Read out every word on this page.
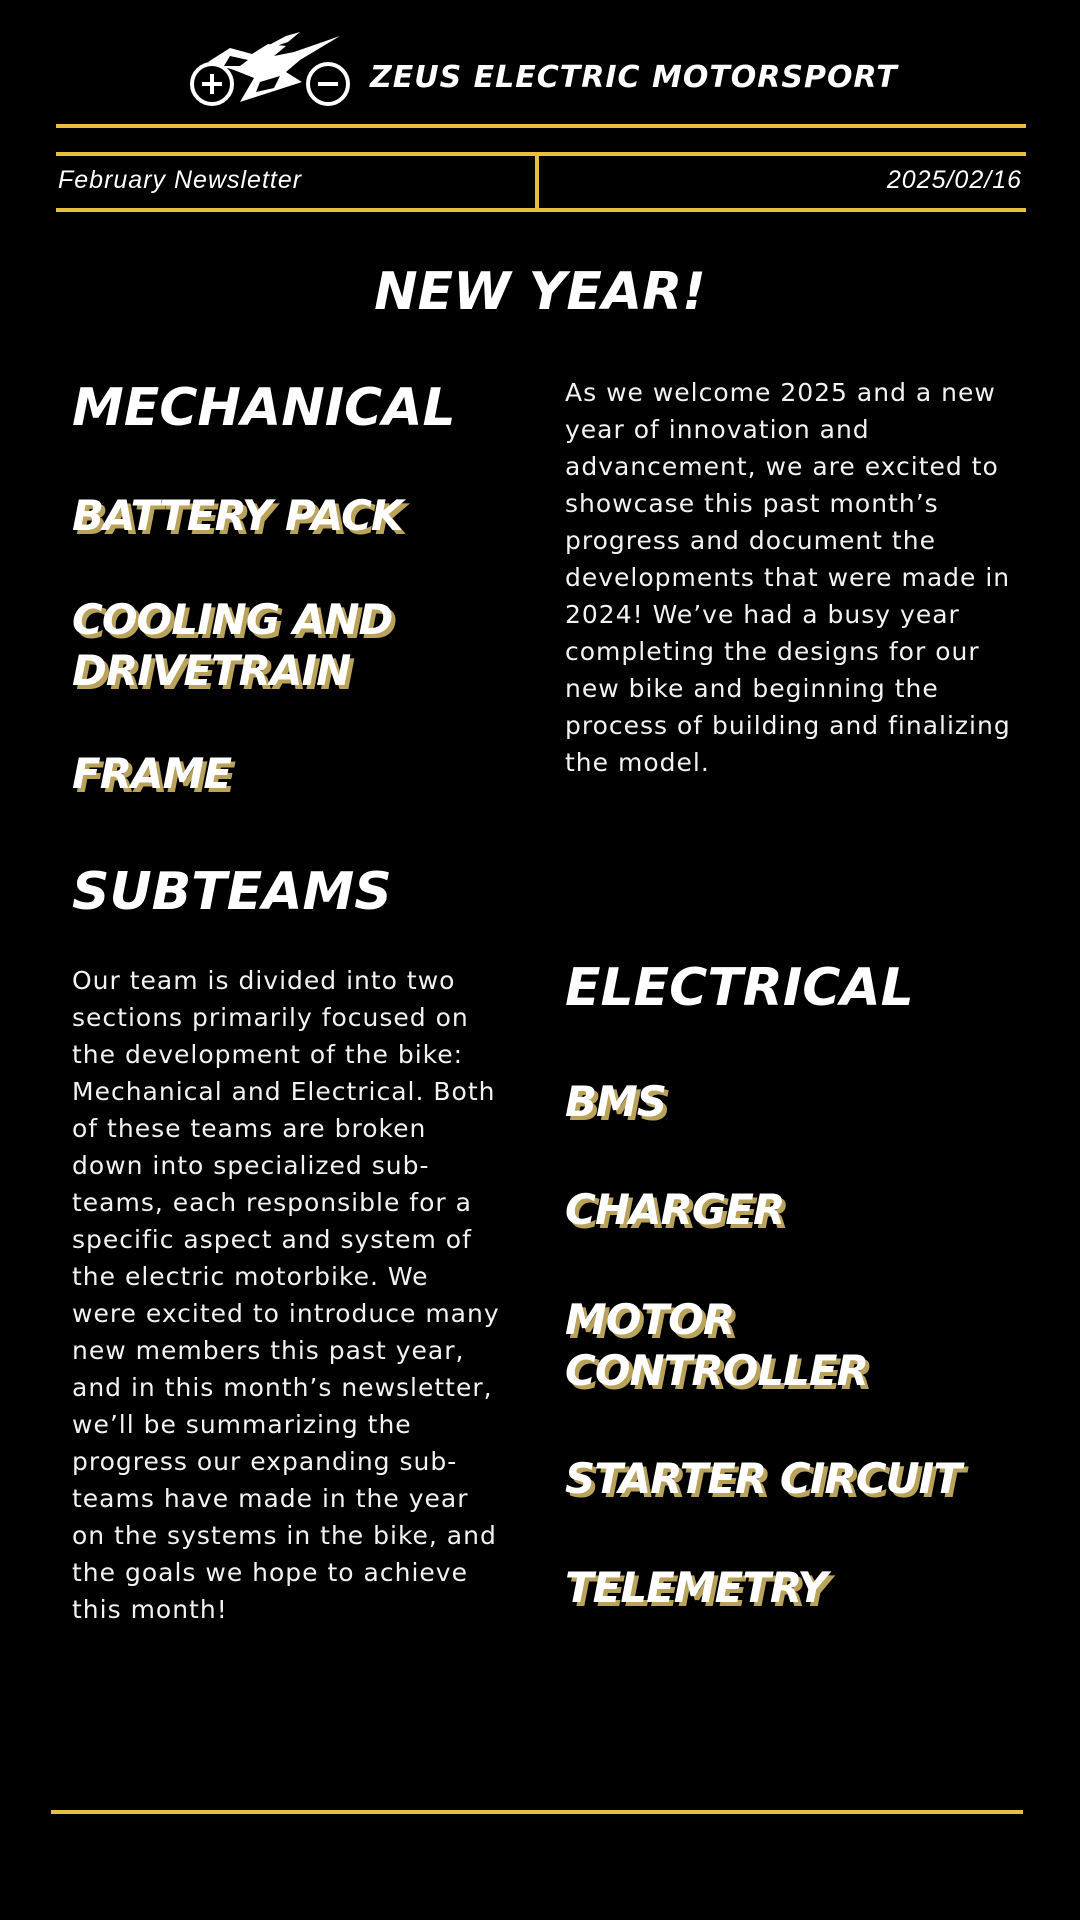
ZEUS ELECTRIC MOTORSPORT
February Newsletter	2025/02/16
NEW YEAR!
MECHANICAL
BATTERY PACK
COOLING AND DRIVETRAIN
FRAME
As we welcome 2025 and a new year of innovation and advancement, we are excited to showcase this past month’s progress and document the developments that were made in 2024! We’ve had a busy year completing the designs for our new bike and beginning the process of building and finalizing the model.
SUBTEAMS
Our team is divided into two sections primarily focused on the development of the bike: Mechanical and Electrical. Both of these teams are broken down into specialized sub-teams, each responsible for a specific aspect and system of the electric motorbike. We were excited to introduce many new members this past year, and in this month’s newsletter, we’ll be summarizing the progress our expanding sub-teams have made in the year on the systems in the bike, and the goals we hope to achieve this month!
ELECTRICAL
BMS
CHARGER
MOTOR CONTROLLER
STARTER CIRCUIT
TELEMETRY
